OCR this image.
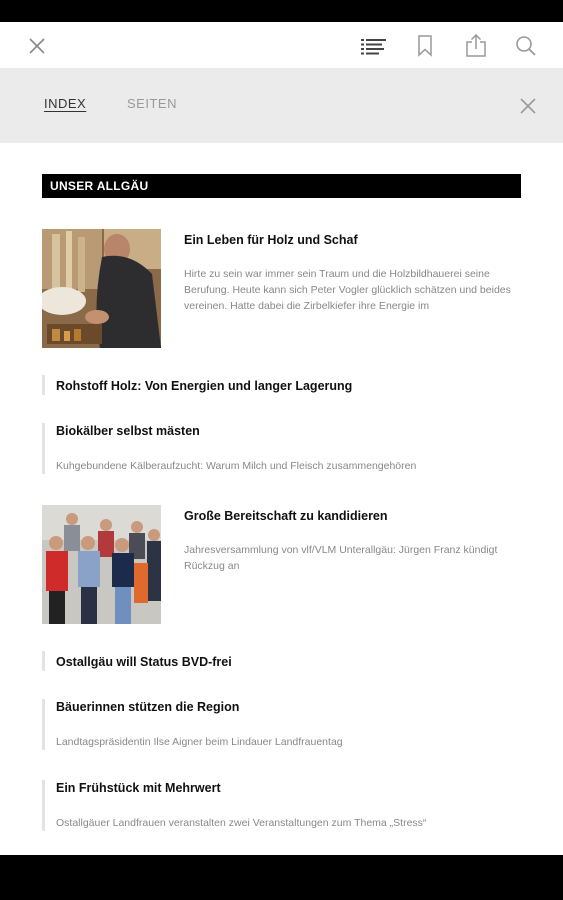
INDEX	SEITEN
UNSER ALLGÄU
Ein Leben für Holz und Schaf
Hirte zu sein war immer sein Traum und die Holzbildhauerei seine Berufung. Heute kann sich Peter Vogler glücklich schätzen und beides vereinen. Hatte dabei die Zirbelkiefer ihre Energie im
Rohstoff Holz: Von Energien und langer Lagerung
Biokälber selbst mästen
Kuhgebundene Kälberaufzucht: Warum Milch und Fleisch zusammengehören
Große Bereitschaft zu kandidieren
Jahresversammlung von vlf/VLM Unterallgäu: Jürgen Franz kündigt Rückzug an
Ostallgäu will Status BVD-frei
Bäuerinnen stützen die Region
Landtagspräsidentin Ilse Aigner beim Lindauer Landfrauentag
Ein Frühstück mit Mehrwert
Ostallgäuer Landfrauen veranstalten zwei Veranstaltungen zum Thema „Stress“
